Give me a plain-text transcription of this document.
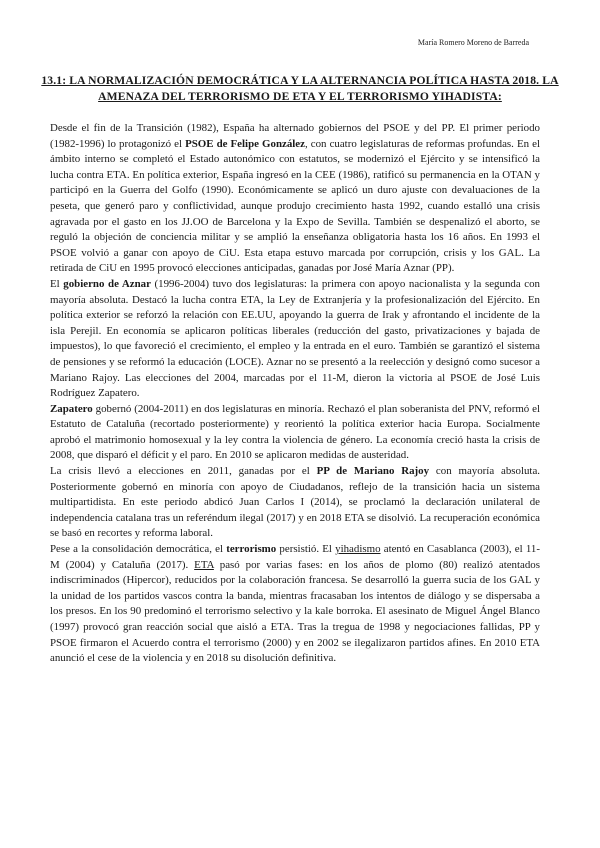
María Romero Moreno de Barreda
13.1: LA NORMALIZACIÓN DEMOCRÁTICA Y LA ALTERNANCIA POLÍTICA HASTA 2018. LA AMENAZA DEL TERRORISMO DE ETA Y EL TERRORISMO YIHADISTA:

Desde el fin de la Transición (1982), España ha alternado gobiernos del PSOE y del PP. El primer periodo (1982-1996) lo protagonizó el PSOE de Felipe González, con cuatro legislaturas de reformas profundas. En el ámbito interno se completó el Estado autonómico con estatutos, se modernizó el Ejército y se intensificó la lucha contra ETA. En política exterior, España ingresó en la CEE (1986), ratificó su permanencia en la OTAN y participó en la Guerra del Golfo (1990). Económicamente se aplicó un duro ajuste con devaluaciones de la peseta, que generó paro y conflictividad, aunque produjo crecimiento hasta 1992, cuando estalló una crisis agravada por el gasto en los JJ.OO de Barcelona y la Expo de Sevilla. También se despenalizó el aborto, se reguló la objeción de conciencia militar y se amplió la enseñanza obligatoria hasta los 16 años. En 1993 el PSOE volvió a ganar con apoyo de CiU. Esta etapa estuvo marcada por corrupción, crisis y los GAL. La retirada de CiU en 1995 provocó elecciones anticipadas, ganadas por José María Aznar (PP).

El gobierno de Aznar (1996-2004) tuvo dos legislaturas: la primera con apoyo nacionalista y la segunda con mayoría absoluta. Destacó la lucha contra ETA, la Ley de Extranjería y la profesionalización del Ejército. En política exterior se reforzó la relación con EE.UU, apoyando la guerra de Irak y afrontando el incidente de la isla Perejil. En economía se aplicaron políticas liberales (reducción del gasto, privatizaciones y bajada de impuestos), lo que favoreció el crecimiento, el empleo y la entrada en el euro. También se garantizó el sistema de pensiones y se reformó la educación (LOCE). Aznar no se presentó a la reelección y designó como sucesor a Mariano Rajoy. Las elecciones del 2004, marcadas por el 11-M, dieron la victoria al PSOE de José Luis Rodríguez Zapatero.

Zapatero gobernó (2004-2011) en dos legislaturas en minoría. Rechazó el plan soberanista del PNV, reformó el Estatuto de Cataluña (recortado posteriormente) y reorientó la política exterior hacia Europa. Socialmente aprobó el matrimonio homosexual y la ley contra la violencia de género. La economía creció hasta la crisis de 2008, que disparó el déficit y el paro. En 2010 se aplicaron medidas de austeridad.

La crisis llevó a elecciones en 2011, ganadas por el PP de Mariano Rajoy con mayoría absoluta. Posteriormente gobernó en minoría con apoyo de Ciudadanos, reflejo de la transición hacia un sistema multipartidista. En este periodo abdicó Juan Carlos I (2014), se proclamó la declaración unilateral de independencia catalana tras un referéndum ilegal (2017) y en 2018 ETA se disolvió. La recuperación económica se basó en recortes y reforma laboral.

Pese a la consolidación democrática, el terrorismo persistió. El yihadismo atentó en Casablanca (2003), el 11-M (2004) y Cataluña (2017). ETA pasó por varias fases: en los años de plomo (80) realizó atentados indiscriminados (Hipercor), reducidos por la colaboración francesa. Se desarrolló la guerra sucia de los GAL y la unidad de los partidos vascos contra la banda, mientras fracasaban los intentos de diálogo y se dispersaba a los presos. En los 90 predominó el terrorismo selectivo y la kale borroka. El asesinato de Miguel Ángel Blanco (1997) provocó gran reacción social que aisló a ETA. Tras la tregua de 1998 y negociaciones fallidas, PP y PSOE firmaron el Acuerdo contra el terrorismo (2000) y en 2002 se ilegalizaron partidos afines. En 2010 ETA anunció el cese de la violencia y en 2018 su disolución definitiva.
